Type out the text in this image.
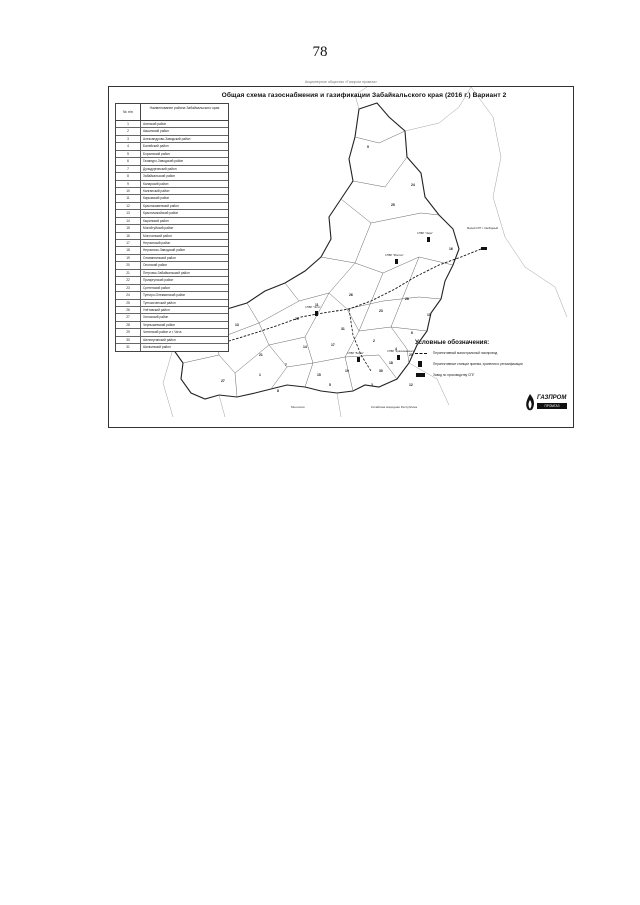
78
Акционерное общество «Газпром промгаз»
Общая схема газоснабжения и газификации Забайкальского края (2016 г.) Вариант 2
№ п/п
Наименование района Забайкальского края
1	Агинский район
2	Акшинский район
3	Александрово-Заводский район
4	Балейский район
5	Борзинский район
6	Газимуро-Заводский район
7	Дульдургинский район
8	Забайкальский район
9	Каларский район
10	Калганский район
11	Карымский район
12	Краснокаменский район
13	Красночикойский район
14	Кыринский район
15	Могойтуйский район
16	Могочинский район
17	Нерчинский район
18	Нерчинско-Заводский район
19	Оловяннинский район
20	Ононский район
21	Петровск-Забайкальский район
22	Приаргунский район
23	Сретенский район
24	Тунгиро-Олекминский район
25	Тунгокоченский район
26	Улётовский район
27	Хилокский район
28	Чернышевский район
29	Читинский район и г. Чита
30	Шелопугинский район
31	Шилкинский район
9
24
16
25
13
21
27
29
11
26
31
23
28
6
2
17
4
10
30
14
7
1	15
19
5	3
18
20
12
8
СПБР "Чара"
СПБР "Могоча"
СПБР "Чита"
СПБР "Борзя"
СПБР "Краснокаменск"
Малый СПГ г. Свободный
Монголия	Китайская Народная Республика
Условные обозначения:
Перспективный магистральный газопровод
Перспективные станции приема, хранения и регазификации
Завод по производству СПГ
ГАЗПРОМ
ПРОМГАЗ
